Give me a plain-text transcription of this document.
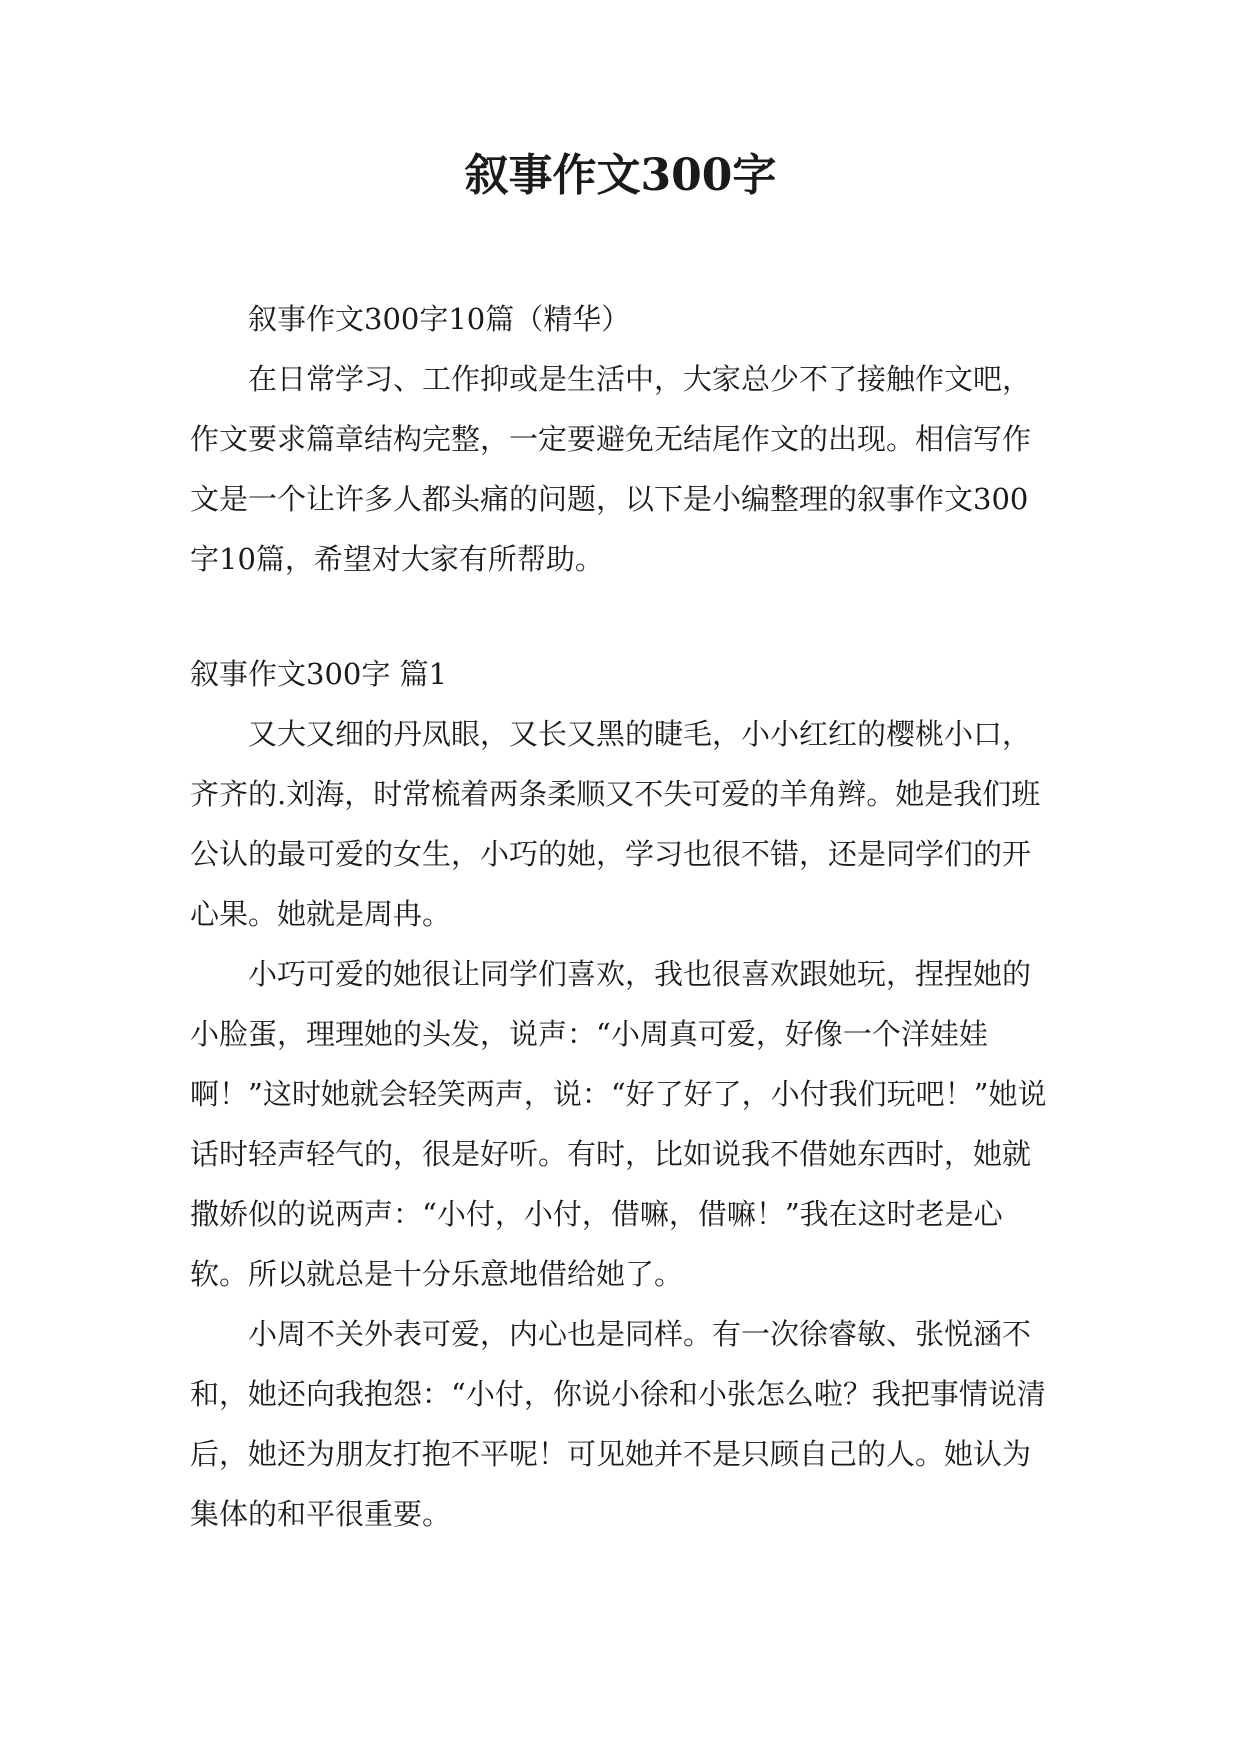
叙事作文300字

叙事作文300字10篇（精华）

在日常学习、工作抑或是生活中，大家总少不了接触作文吧，作文要求篇章结构完整，一定要避免无结尾作文的出现。相信写作文是一个让许多人都头痛的问题，以下是小编整理的叙事作文300字10篇，希望对大家有所帮助。

叙事作文300字 篇1

又大又细的丹凤眼，又长又黑的睫毛，小小红红的樱桃小口，齐齐的.刘海，时常梳着两条柔顺又不失可爱的羊角辫。她是我们班公认的最可爱的女生，小巧的她，学习也很不错，还是同学们的开心果。她就是周冉。

小巧可爱的她很让同学们喜欢，我也很喜欢跟她玩，捏捏她的小脸蛋，理理她的头发，说声：“小周真可爱，好像一个洋娃娃啊！”这时她就会轻笑两声，说：“好了好了，小付我们玩吧！”她说话时轻声轻气的，很是好听。有时，比如说我不借她东西时，她就撒娇似的说两声：“小付，小付，借嘛，借嘛！”我在这时老是心软。所以就总是十分乐意地借给她了。

小周不关外表可爱，内心也是同样。有一次徐睿敏、张悦涵不和，她还向我抱怨：“小付，你说小徐和小张怎么啦？我把事情说清后，她还为朋友打抱不平呢！可见她并不是只顾自己的人。她认为集体的和平很重要。
